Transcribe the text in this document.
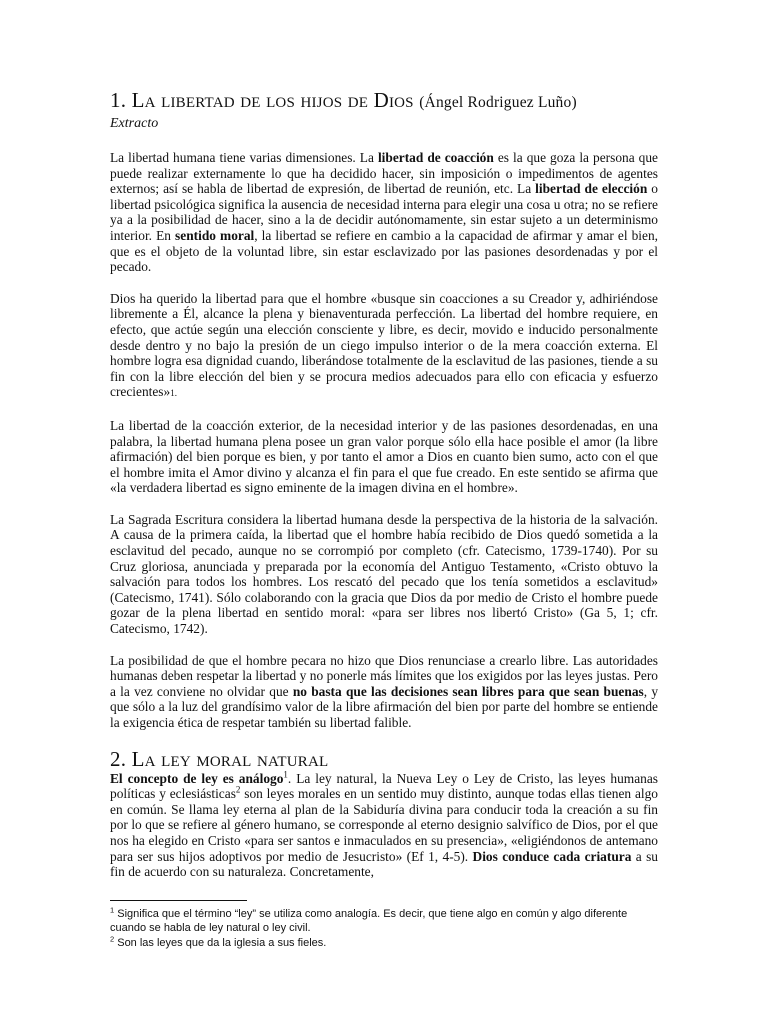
1. La libertad de los hijos de Dios (Ángel Rodriguez Luño)
Extracto

La libertad humana tiene varias dimensiones. La libertad de coacción es la que goza la persona que puede realizar externamente lo que ha decidido hacer, sin imposición o impedimentos de agentes externos; así se habla de libertad de expresión, de libertad de reunión, etc. La libertad de elección o libertad psicológica significa la ausencia de necesidad interna para elegir una cosa u otra; no se refiere ya a la posibilidad de hacer, sino a la de decidir autónomamente, sin estar sujeto a un determinismo interior. En sentido moral, la libertad se refiere en cambio a la capacidad de afirmar y amar el bien, que es el objeto de la voluntad libre, sin estar esclavizado por las pasiones desordenadas y por el pecado.

Dios ha querido la libertad para que el hombre «busque sin coacciones a su Creador y, adhiriéndose libremente a Él, alcance la plena y bienaventurada perfección. La libertad del hombre requiere, en efecto, que actúe según una elección consciente y libre, es decir, movido e inducido personalmente desde dentro y no bajo la presión de un ciego impulso interior o de la mera coacción externa. El hombre logra esa dignidad cuando, liberándose totalmente de la esclavitud de las pasiones, tiende a su fin con la libre elección del bien y se procura medios adecuados para ello con eficacia y esfuerzo crecientes»1.

La libertad de la coacción exterior, de la necesidad interior y de las pasiones desordenadas, en una palabra, la libertad humana plena posee un gran valor porque sólo ella hace posible el amor (la libre afirmación) del bien porque es bien, y por tanto el amor a Dios en cuanto bien sumo, acto con el que el hombre imita el Amor divino y alcanza el fin para el que fue creado. En este sentido se afirma que «la verdadera libertad es signo eminente de la imagen divina en el hombre».

La Sagrada Escritura considera la libertad humana desde la perspectiva de la historia de la salvación. A causa de la primera caída, la libertad que el hombre había recibido de Dios quedó sometida a la esclavitud del pecado, aunque no se corrompió por completo (cfr. Catecismo, 1739-1740). Por su Cruz gloriosa, anunciada y preparada por la economía del Antiguo Testamento, «Cristo obtuvo la salvación para todos los hombres. Los rescató del pecado que los tenía sometidos a esclavitud» (Catecismo, 1741). Sólo colaborando con la gracia que Dios da por medio de Cristo el hombre puede gozar de la plena libertad en sentido moral: «para ser libres nos libertó Cristo» (Ga 5, 1; cfr. Catecismo, 1742).

La posibilidad de que el hombre pecara no hizo que Dios renunciase a crearlo libre. Las autoridades humanas deben respetar la libertad y no ponerle más límites que los exigidos por las leyes justas. Pero a la vez conviene no olvidar que no basta que las decisiones sean libres para que sean buenas, y que sólo a la luz del grandísimo valor de la libre afirmación del bien por parte del hombre se entiende la exigencia ética de respetar también su libertad falible.

2. La ley moral natural

El concepto de ley es análogo$^1$. La ley natural, la Nueva Ley o Ley de Cristo, las leyes humanas políticas y eclesiásticas$^2$ son leyes morales en un sentido muy distinto, aunque todas ellas tienen algo en común. Se llama ley eterna al plan de la Sabiduría divina para conducir toda la creación a su fin por lo que se refiere al género humano, se corresponde al eterno designio salvífico de Dios, por el que nos ha elegido en Cristo «para ser santos e inmaculados en su presencia», «eligiéndonos de antemano para ser sus hijos adoptivos por medio de Jesucristo» (Ef 1, 4-5). Dios conduce cada criatura a su fin de acuerdo con su naturaleza. Concretamente,

$^1$ Significa que el término “ley” se utiliza como analogía. Es decir, que tiene algo en común y algo diferente cuando se habla de ley natural o ley civil.

$^2$ Son las leyes que da la iglesia a sus fieles.
